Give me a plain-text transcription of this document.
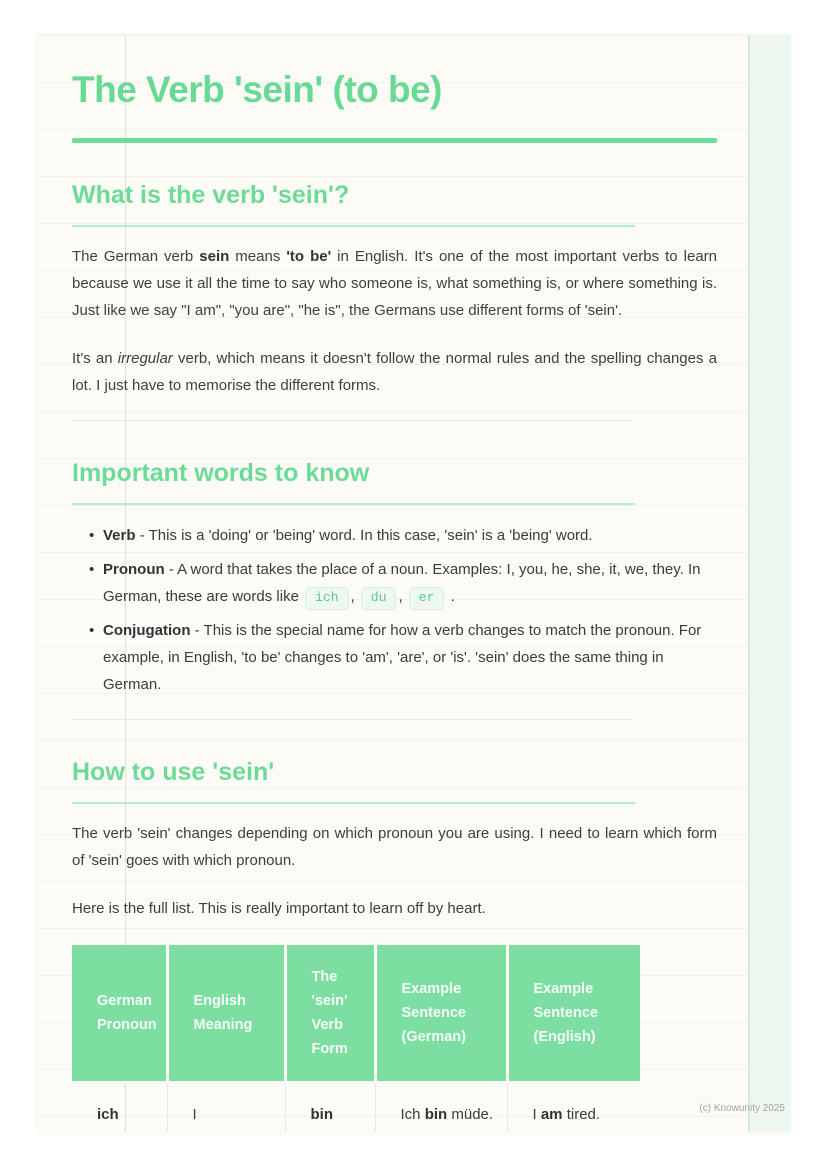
The Verb 'sein' (to be)
What is the verb 'sein'?

The German verb sein means 'to be' in English. It's one of the most important verbs to learn because we use it all the time to say who someone is, what something is, or where something is. Just like we say "I am", "you are", "he is", the Germans use different forms of 'sein'.

It's an irregular verb, which means it doesn't follow the normal rules and the spelling changes a lot. I just have to memorise the different forms.

Important words to know
• Verb - This is a 'doing' or 'being' word. In this case, 'sein' is a 'being' word.
• Pronoun - A word that takes the place of a noun. Examples: I, you, he, she, it, we, they. In German, these are words like ich , du , er .
• Conjugation - This is the special name for how a verb changes to match the pronoun. For example, in English, 'to be' changes to 'am', 'are', or 'is'. 'sein' does the same thing in German.
How to use 'sein'

The verb 'sein' changes depending on which pronoun you are using. I need to learn which form of 'sein' goes with which pronoun.

Here is the full list. This is really important to learn off by heart.

German Pronoun	English Meaning	The 'sein' Verb Form	Example Sentence (German)	Example Sentence (English)
ich	I	bin	Ich bin müde.	I am tired.	(c) Knowunity 2025
